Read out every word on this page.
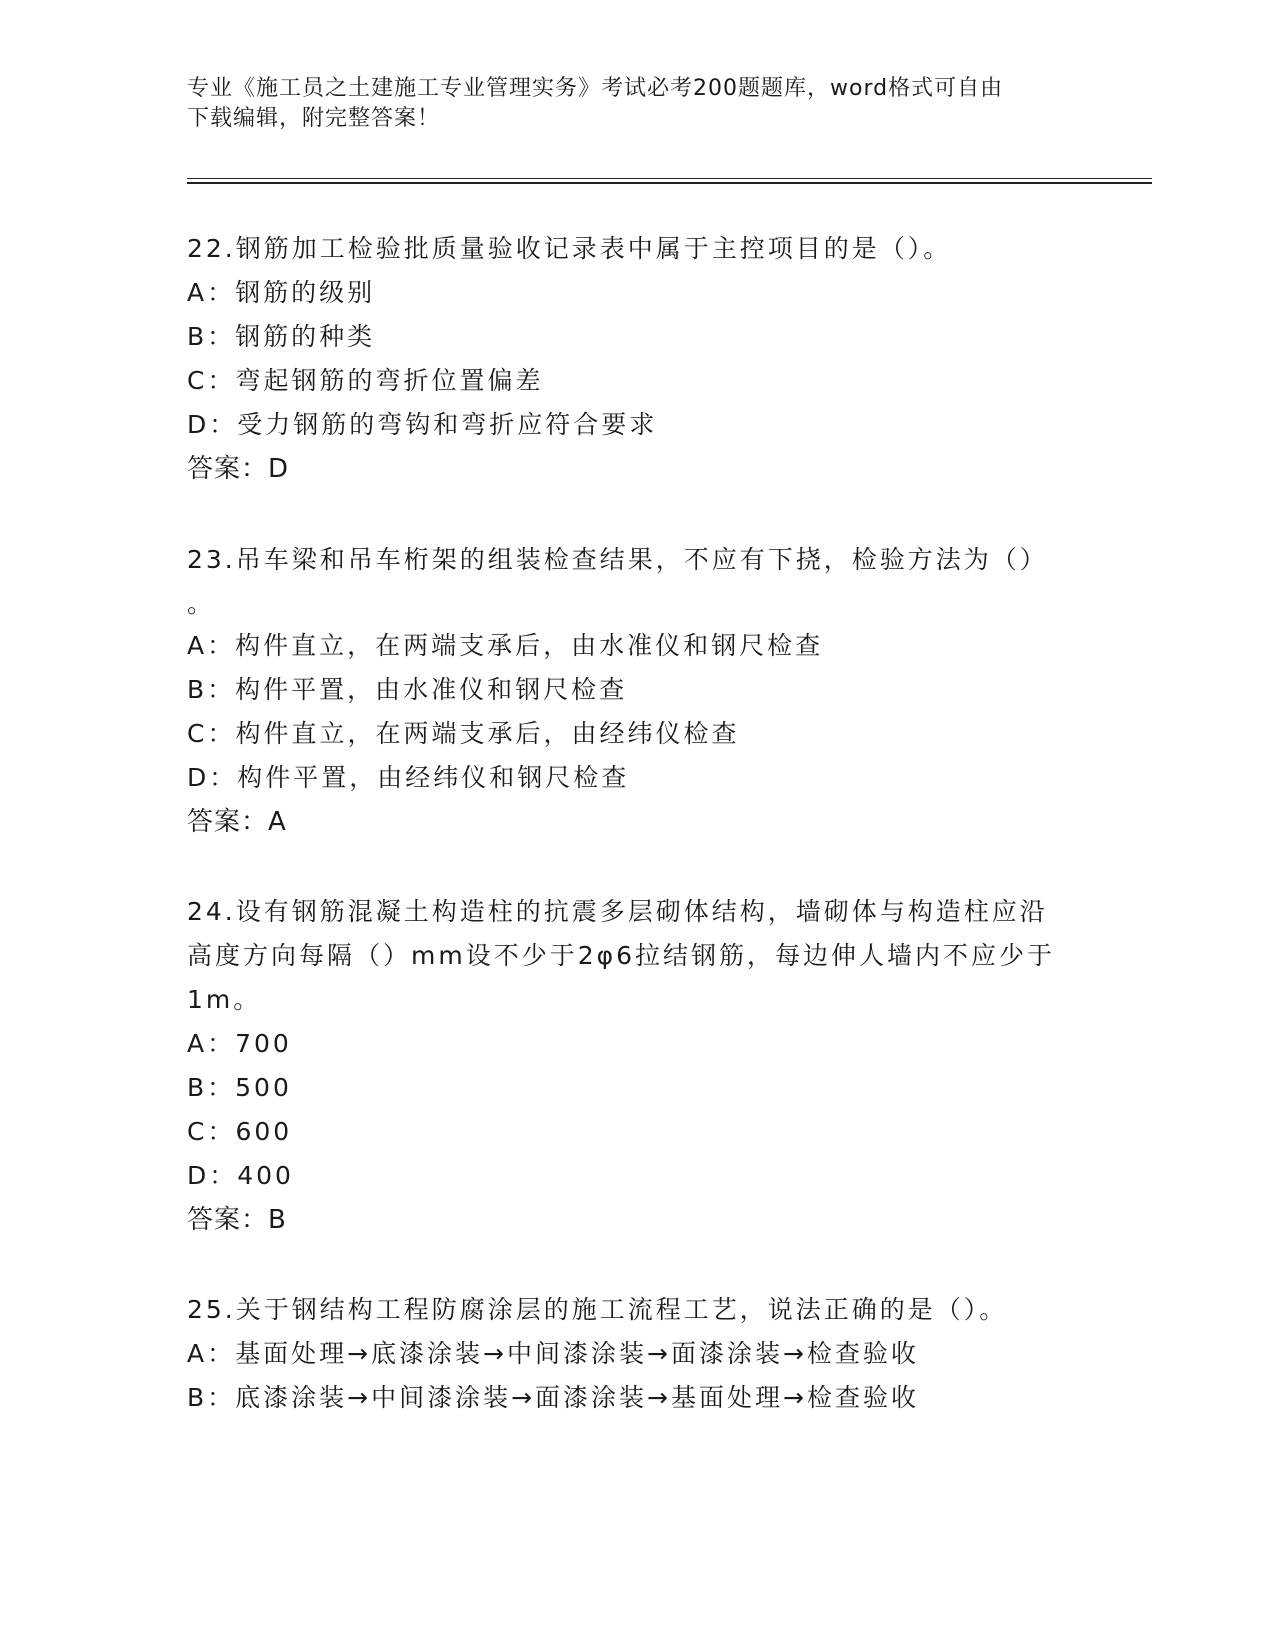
专业《施工员之土建施工专业管理实务》考试必考200题题库，word格式可自由
下载编辑，附完整答案！
22.钢筋加工检验批质量验收记录表中属于主控项目的是（）。
A：钢筋的级别
B：钢筋的种类
C：弯起钢筋的弯折位置偏差
D：受力钢筋的弯钩和弯折应符合要求
答案：D
23.吊车梁和吊车桁架的组装检查结果，不应有下挠，检验方法为（）
。
A：构件直立，在两端支承后，由水准仪和钢尺检查
B：构件平置，由水准仪和钢尺检查
C：构件直立，在两端支承后，由经纬仪检查
D：构件平置，由经纬仪和钢尺检查
答案：A
24.设有钢筋混凝土构造柱的抗震多层砌体结构，墙砌体与构造柱应沿
高度方向每隔（）mm设不少于2φ6拉结钢筋，每边伸人墙内不应少于
1m。
A：700
B：500
C：600
D：400
答案：B
25.关于钢结构工程防腐涂层的施工流程工艺，说法正确的是（）。
A：基面处理→底漆涂装→中间漆涂装→面漆涂装→检查验收
B：底漆涂装→中间漆涂装→面漆涂装→基面处理→检查验收
